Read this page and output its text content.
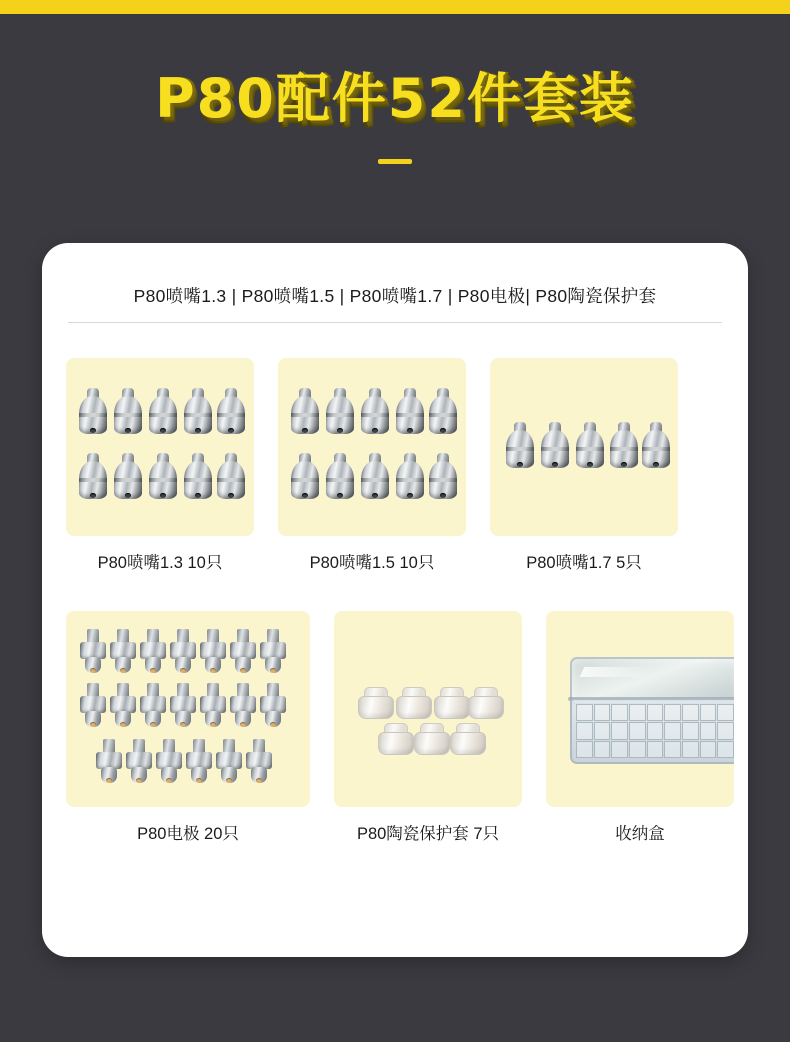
P80配件52件套装
P80喷嘴1.3 | P80喷嘴1.5 | P80喷嘴1.7 | P80电极| P80陶瓷保护套
P80喷嘴1.3 10只	P80喷嘴1.5 10只	P80喷嘴1.7 5只
P80电极 20只	P80陶瓷保护套 7只	收纳盒
